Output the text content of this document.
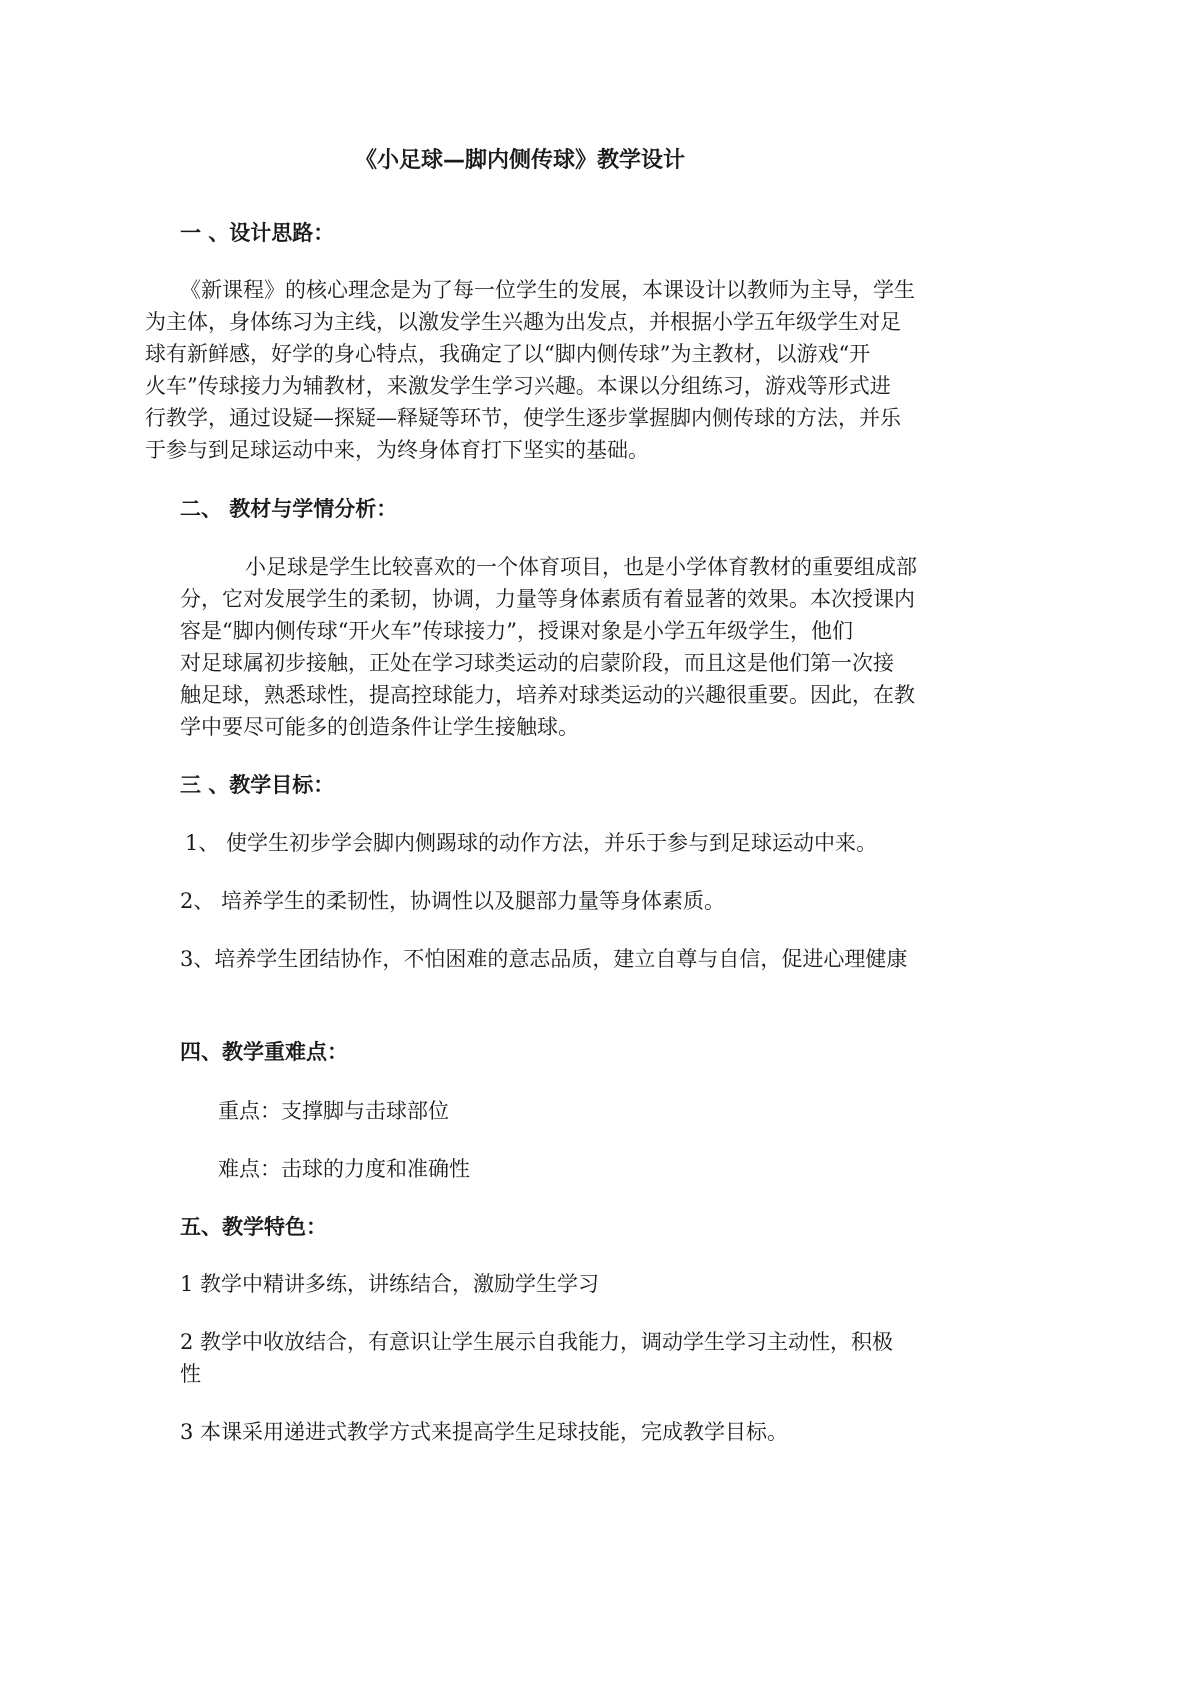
《小足球—脚内侧传球》教学设计
一 、设计思路：
《新课程》的核心理念是为了每一位学生的发展，本课设计以教师为主导，学生
为主体，身体练习为主线，以激发学生兴趣为出发点，并根据小学五年级学生对足
球有新鲜感，好学的身心特点，我确定了以“脚内侧传球”为主教材，以游戏“开
火车”传球接力为辅教材，来激发学生学习兴趣。本课以分组练习，游戏等形式进
行教学，通过设疑—探疑—释疑等环节，使学生逐步掌握脚内侧传球的方法，并乐
于参与到足球运动中来，为终身体育打下坚实的基础。
二、 教材与学情分析：
小足球是学生比较喜欢的一个体育项目，也是小学体育教材的重要组成部
分，它对发展学生的柔韧，协调，力量等身体素质有着显著的效果。本次授课内
容是“脚内侧传球“开火车”传球接力”，授课对象是小学五年级学生，他们
对足球属初步接触，正处在学习球类运动的启蒙阶段，而且这是他们第一次接
触足球，熟悉球性，提高控球能力，培养对球类运动的兴趣很重要。因此，在教
学中要尽可能多的创造条件让学生接触球。
三 、教学目标：
1、 使学生初步学会脚内侧踢球的动作方法，并乐于参与到足球运动中来。
2、 培养学生的柔韧性，协调性以及腿部力量等身体素质。
3、培养学生团结协作，不怕困难的意志品质，建立自尊与自信，促进心理健康
四、教学重难点：
重点：支撑脚与击球部位
难点：击球的力度和准确性
五、教学特色：
1 教学中精讲多练，讲练结合，激励学生学习
2 教学中收放结合，有意识让学生展示自我能力，调动学生学习主动性，积极
性
3 本课采用递进式教学方式来提高学生足球技能，完成教学目标。
